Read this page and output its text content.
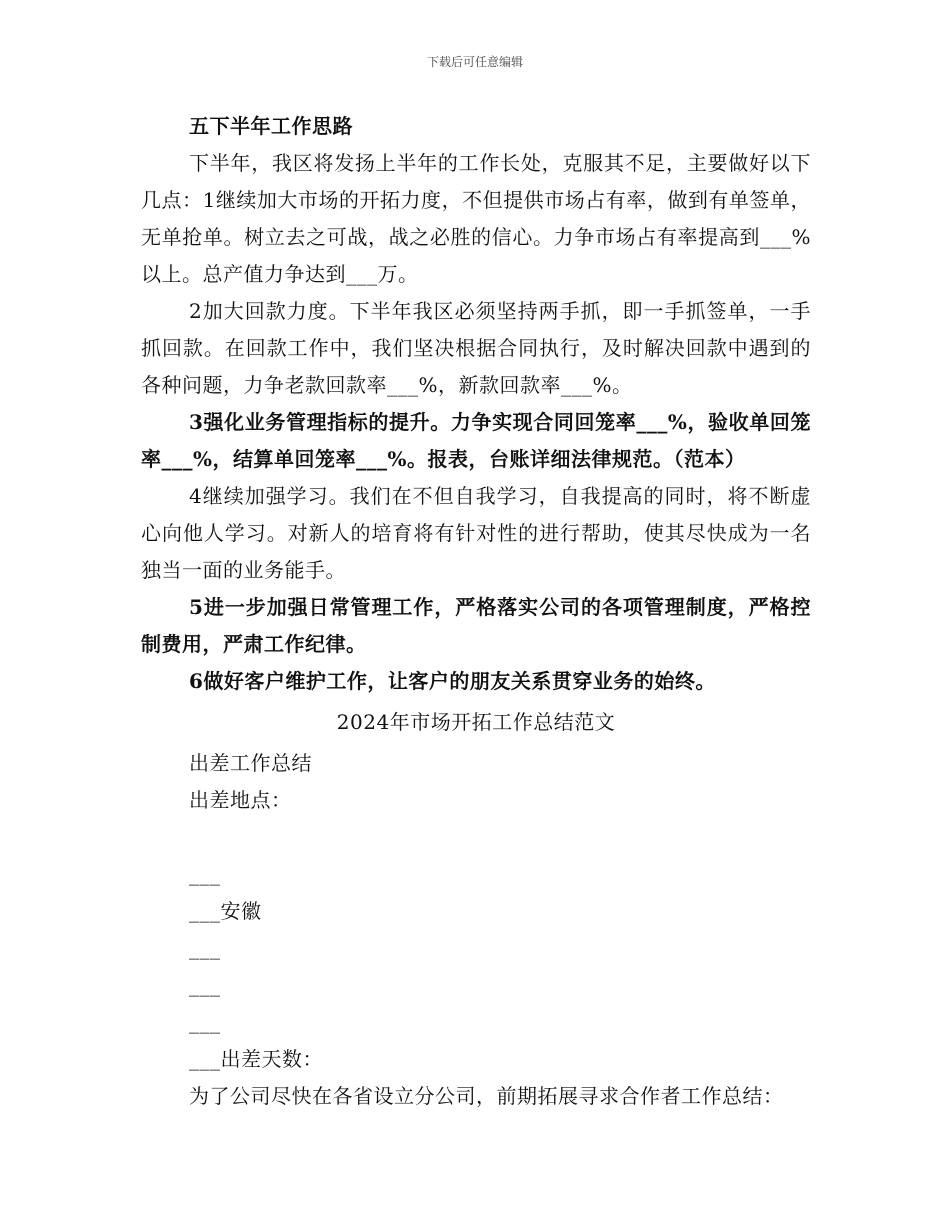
下载后可任意编辑

五下半年工作思路

下半年，我区将发扬上半年的工作长处，克服其不足，主要做好以下几点：1继续加大市场的开拓力度，不但提供市场占有率，做到有单签单，无单抢单。树立去之可战，战之必胜的信心。力争市场占有率提高到___%以上。总产值力争达到___万。

2加大回款力度。下半年我区必须坚持两手抓，即一手抓签单，一手抓回款。在回款工作中，我们坚决根据合同执行，及时解决回款中遇到的各种问题，力争老款回款率___%，新款回款率___%。

3强化业务管理指标的提升。力争实现合同回笼率___%，验收单回笼率___%，结算单回笼率___%。报表，台账详细法律规范。（范本）

4继续加强学习。我们在不但自我学习，自我提高的同时，将不断虚心向他人学习。对新人的培育将有针对性的进行帮助，使其尽快成为一名独当一面的业务能手。

5进一步加强日常管理工作，严格落实公司的各项管理制度，严格控制费用，严肃工作纪律。

6做好客户维护工作，让客户的朋友关系贯穿业务的始终。

2024年市场开拓工作总结范文

出差工作总结

出差地点：

___

___安徽

___

___

___

___出差天数：

为了公司尽快在各省设立分公司，前期拓展寻求合作者工作总结：
